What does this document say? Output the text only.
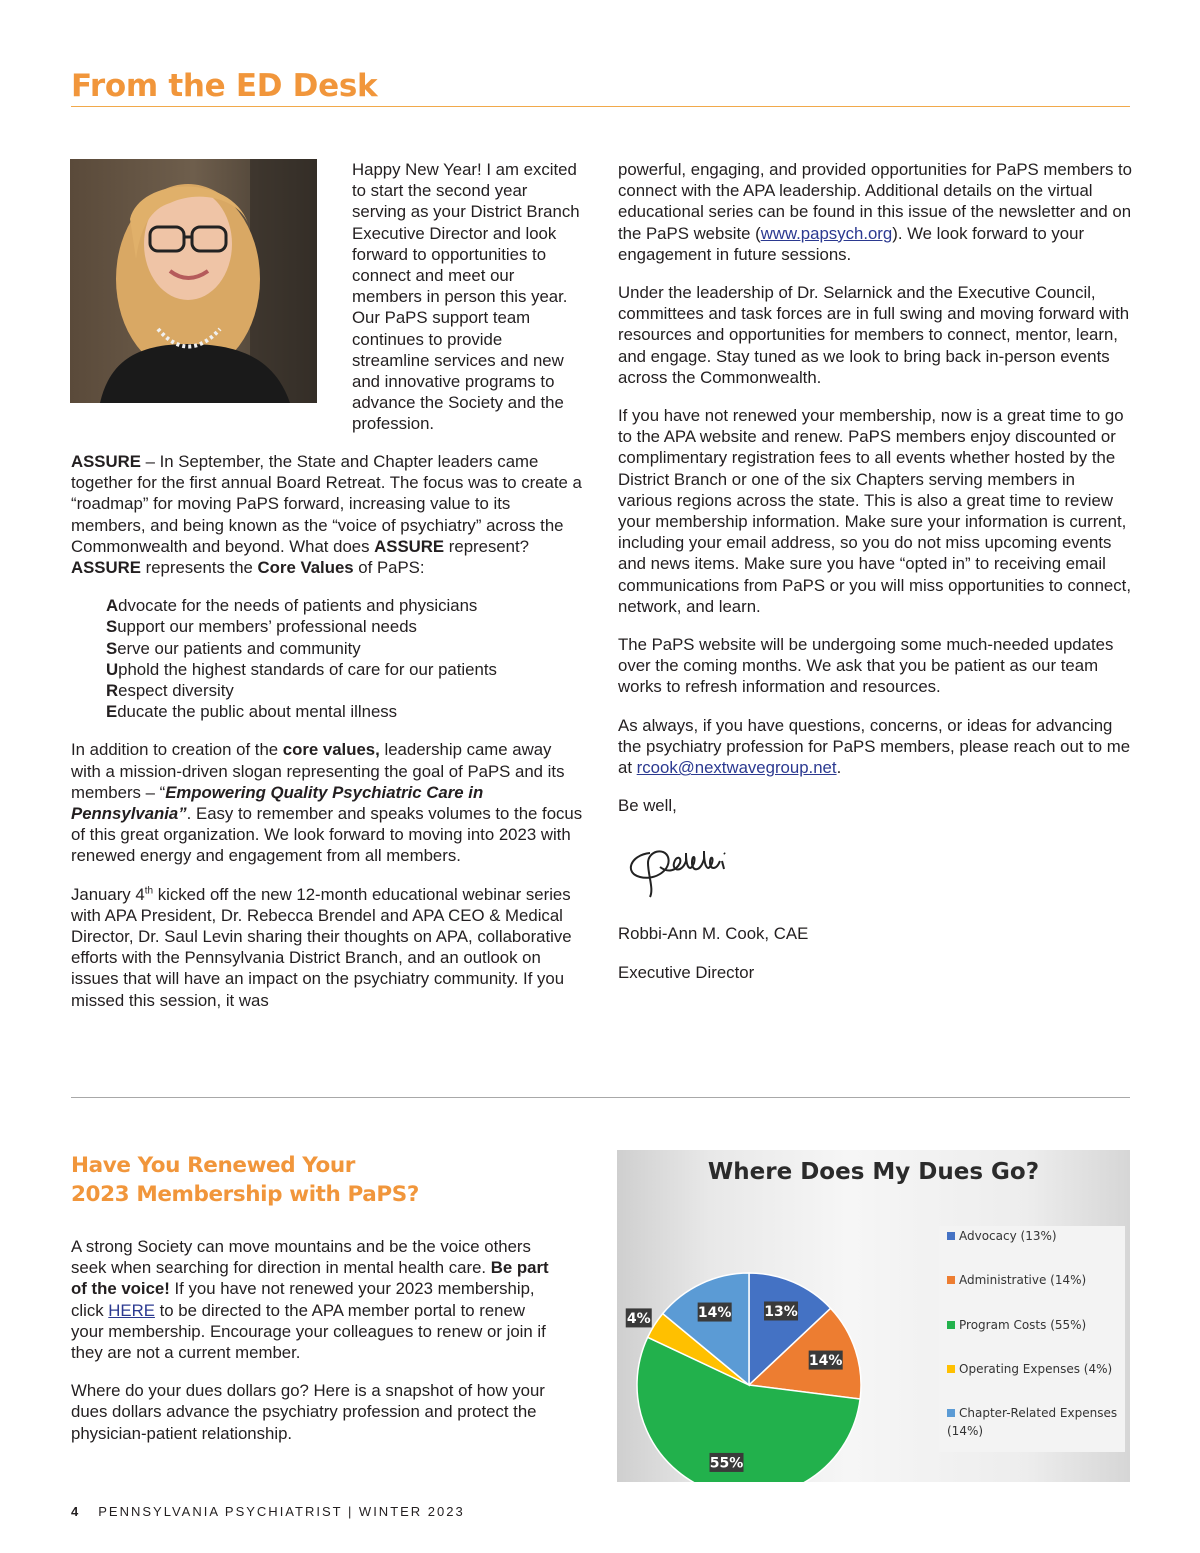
From the ED Desk

Happy New Year! I am excited to start the second year serving as your District Branch Executive Director and look forward to opportunities to connect and meet our members in person this year. Our PaPS support team continues to provide streamline services and new and innovative programs to advance the Society and the profession.

ASSURE – In September, the State and Chapter leaders came together for the first annual Board Retreat. The focus was to create a “roadmap” for moving PaPS forward, increasing value to its members, and being known as the “voice of psychiatry” across the Commonwealth and beyond. What does ASSURE represent? ASSURE represents the Core Values of PaPS:

Advocate for the needs of patients and physicians
Support our members’ professional needs
Serve our patients and community
Uphold the highest standards of care for our patients
Respect diversity
Educate the public about mental illness

In addition to creation of the core values, leadership came away with a mission-driven slogan representing the goal of PaPS and its members – “Empowering Quality Psychiatric Care in Pennsylvania”. Easy to remember and speaks volumes to the focus of this great organization. We look forward to moving into 2023 with renewed energy and engagement from all members.

January 4th kicked off the new 12-month educational webinar series with APA President, Dr. Rebecca Brendel and APA CEO & Medical Director, Dr. Saul Levin sharing their thoughts on APA, collaborative efforts with the Pennsylvania District Branch, and an outlook on issues that will have an impact on the psychiatry community. If you missed this session, it was

powerful, engaging, and provided opportunities for PaPS members to connect with the APA leadership. Additional details on the virtual educational series can be found in this issue of the newsletter and on the PaPS website (www.papsych.org). We look forward to your engagement in future sessions.

Under the leadership of Dr. Selarnick and the Executive Council, committees and task forces are in full swing and moving forward with resources and opportunities for members to connect, mentor, learn, and engage. Stay tuned as we look to bring back in-person events across the Commonwealth.

If you have not renewed your membership, now is a great time to go to the APA website and renew. PaPS members enjoy discounted or complimentary registration fees to all events whether hosted by the District Branch or one of the six Chapters serving members in various regions across the state. This is also a great time to review your membership information. Make sure your information is current, including your email address, so you do not miss upcoming events and news items. Make sure you have “opted in” to receiving email communications from PaPS or you will miss opportunities to connect, network, and learn.

The PaPS website will be undergoing some much-needed updates over the coming months. We ask that you be patient as our team works to refresh information and resources.

As always, if you have questions, concerns, or ideas for advancing the psychiatry profession for PaPS members, please reach out to me at rcook@nextwavegroup.net.

Be well,

Robbi-Ann M. Cook, CAE

Executive Director

Have You Renewed Your
2023 Membership with PaPS?

A strong Society can move mountains and be the voice others seek when searching for direction in mental health care. Be part of the voice! If you have not renewed your 2023 membership, click HERE to be directed to the APA member portal to renew your membership. Encourage your colleagues to renew or join if they are not a current member.

Where do your dues dollars go? Here is a snapshot of how your dues dollars advance the psychiatry profession and protect the physician-patient relationship.

Where Does My Dues Go?

13%
14%
55%
4%	14%
Advocacy (13%)
Administrative (14%)
Program Costs (55%)
Operating Expenses (4%)
Chapter-Related Expenses (14%)

4 PENNSYLVANIA PSYCHIATRIST | WINTER 2023
